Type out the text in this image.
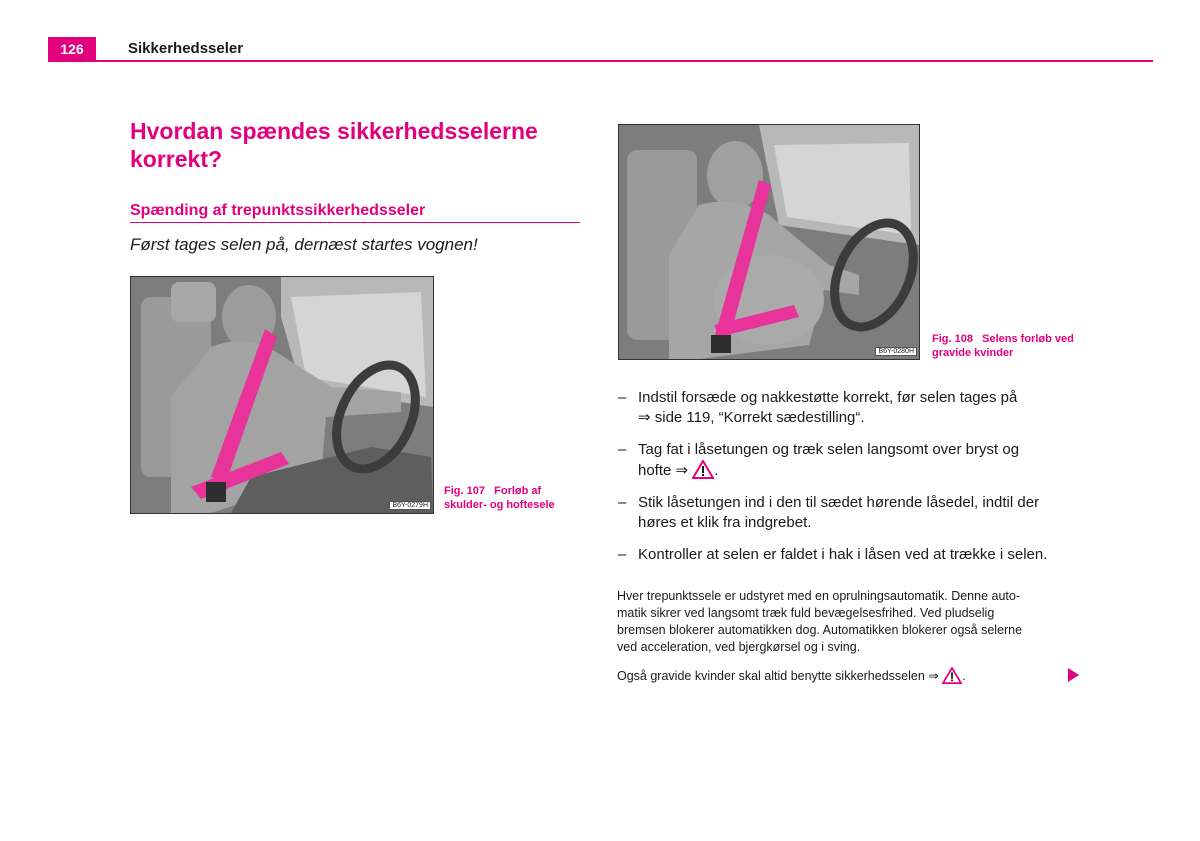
126	Sikkerhedsseler
Hvordan spændes sikkerhedsselerne korrekt?
Spænding af trepunktssikkerhedsseler
Først tages selen på, dernæst startes vognen!
B6Y-0279H
Fig. 107 Forløb af skulder- og hoftesele
B6Y-0280H
Fig. 108 Selens forløb ved gravide kvinder
– Indstil forsæde og nakkestøtte korrekt, før selen tages på
⇒ side 119, “Korrekt sædestilling“.
– Tag fat i låsetungen og træk selen langsomt over bryst og
hofte ⇒ .
– Stik låsetungen ind i den til sædet hørende låsedel, indtil der
høres et klik fra indgrebet.
– Kontroller at selen er faldet i hak i låsen ved at trække i selen.
Hver trepunktssele er udstyret med en oprulningsautomatik. Denne auto-
matik sikrer ved langsomt træk fuld bevægelsesfrihed. Ved pludselig
bremsen blokerer automatikken dog. Automatikken blokerer også selerne
ved acceleration, ved bjergkørsel og i sving.
Også gravide kvinder skal altid benytte sikkerhedsselen ⇒ .
